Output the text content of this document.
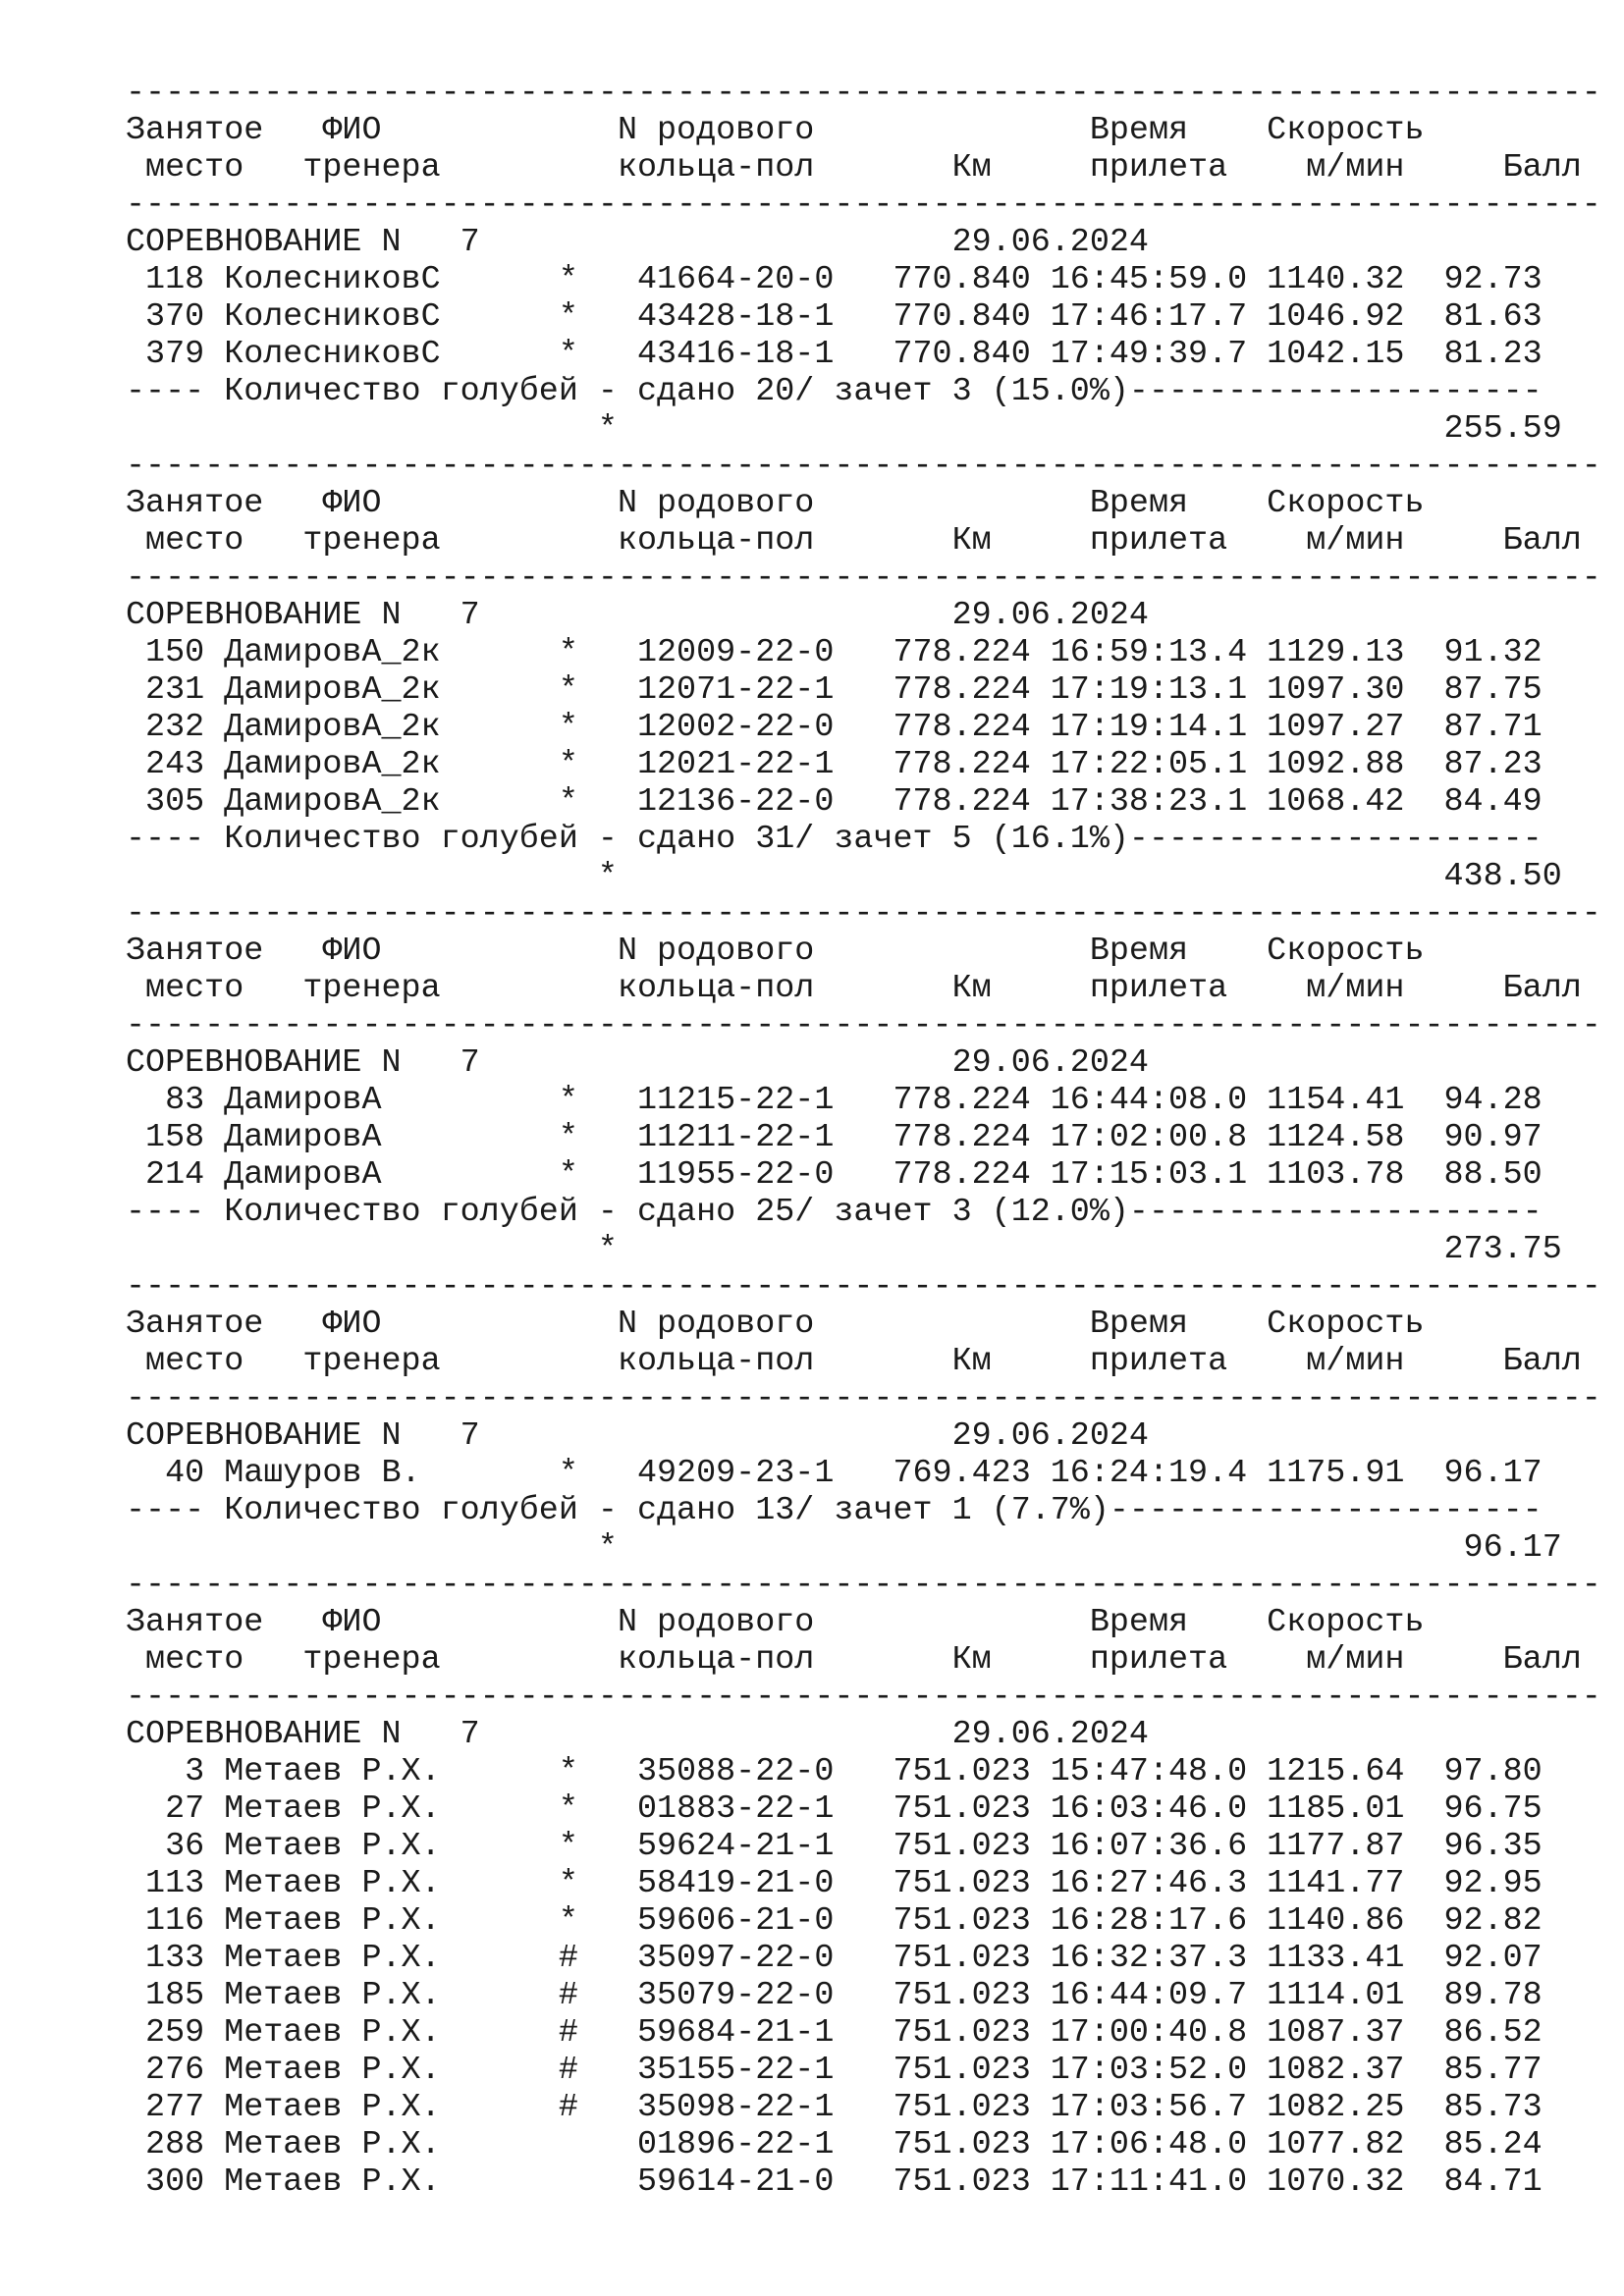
---------------------------------------------------------------------------
Занятое   ФИО            N родового              Время    Скорость
место   тренера         кольца-пол       Км     прилета    м/мин     Балл
---------------------------------------------------------------------------
СОРЕВНОВАНИЕ N   7                        29.06.2024
118 КолесниковС      *   41664-20-0   770.840 16:45:59.0 1140.32  92.73
370 КолесниковС      *   43428-18-1   770.840 17:46:17.7 1046.92  81.63
379 КолесниковС      *   43416-18-1   770.840 17:49:39.7 1042.15  81.23
---- Количество голубей - сдано 20/ зачет 3 (15.0%)---------------------
*                                          255.59
---------------------------------------------------------------------------
Занятое   ФИО            N родового              Время    Скорость
место   тренера         кольца-пол       Км     прилета    м/мин     Балл
---------------------------------------------------------------------------
СОРЕВНОВАНИЕ N   7                        29.06.2024
150 ДамировА_2к      *   12009-22-0   778.224 16:59:13.4 1129.13  91.32
231 ДамировА_2к      *   12071-22-1   778.224 17:19:13.1 1097.30  87.75
232 ДамировА_2к      *   12002-22-0   778.224 17:19:14.1 1097.27  87.71
243 ДамировА_2к      *   12021-22-1   778.224 17:22:05.1 1092.88  87.23
305 ДамировА_2к      *   12136-22-0   778.224 17:38:23.1 1068.42  84.49
---- Количество голубей - сдано 31/ зачет 5 (16.1%)---------------------
*                                          438.50
---------------------------------------------------------------------------
Занятое   ФИО            N родового              Время    Скорость
место   тренера         кольца-пол       Км     прилета    м/мин     Балл
---------------------------------------------------------------------------
СОРЕВНОВАНИЕ N   7                        29.06.2024
83 ДамировА         *   11215-22-1   778.224 16:44:08.0 1154.41  94.28
158 ДамировА         *   11211-22-1   778.224 17:02:00.8 1124.58  90.97
214 ДамировА         *   11955-22-0   778.224 17:15:03.1 1103.78  88.50
---- Количество голубей - сдано 25/ зачет 3 (12.0%)---------------------
*                                          273.75
---------------------------------------------------------------------------
Занятое   ФИО            N родового              Время    Скорость
место   тренера         кольца-пол       Км     прилета    м/мин     Балл
---------------------------------------------------------------------------
СОРЕВНОВАНИЕ N   7                        29.06.2024
40 Машуров В.       *   49209-23-1   769.423 16:24:19.4 1175.91  96.17
---- Количество голубей - сдано 13/ зачет 1 (7.7%)----------------------
*                                           96.17
---------------------------------------------------------------------------
Занятое   ФИО            N родового              Время    Скорость
место   тренера         кольца-пол       Км     прилета    м/мин     Балл
---------------------------------------------------------------------------
СОРЕВНОВАНИЕ N   7                        29.06.2024
3 Метаев Р.Х.      *   35088-22-0   751.023 15:47:48.0 1215.64  97.80
27 Метаев Р.Х.      *   01883-22-1   751.023 16:03:46.0 1185.01  96.75
36 Метаев Р.Х.      *   59624-21-1   751.023 16:07:36.6 1177.87  96.35
113 Метаев Р.Х.      *   58419-21-0   751.023 16:27:46.3 1141.77  92.95
116 Метаев Р.Х.      *   59606-21-0   751.023 16:28:17.6 1140.86  92.82
133 Метаев Р.Х.      #   35097-22-0   751.023 16:32:37.3 1133.41  92.07
185 Метаев Р.Х.      #   35079-22-0   751.023 16:44:09.7 1114.01  89.78
259 Метаев Р.Х.      #   59684-21-1   751.023 17:00:40.8 1087.37  86.52
276 Метаев Р.Х.      #   35155-22-1   751.023 17:03:52.0 1082.37  85.77
277 Метаев Р.Х.      #   35098-22-1   751.023 17:03:56.7 1082.25  85.73
288 Метаев Р.Х.          01896-22-1   751.023 17:06:48.0 1077.82  85.24
300 Метаев Р.Х.          59614-21-0   751.023 17:11:41.0 1070.32  84.71
